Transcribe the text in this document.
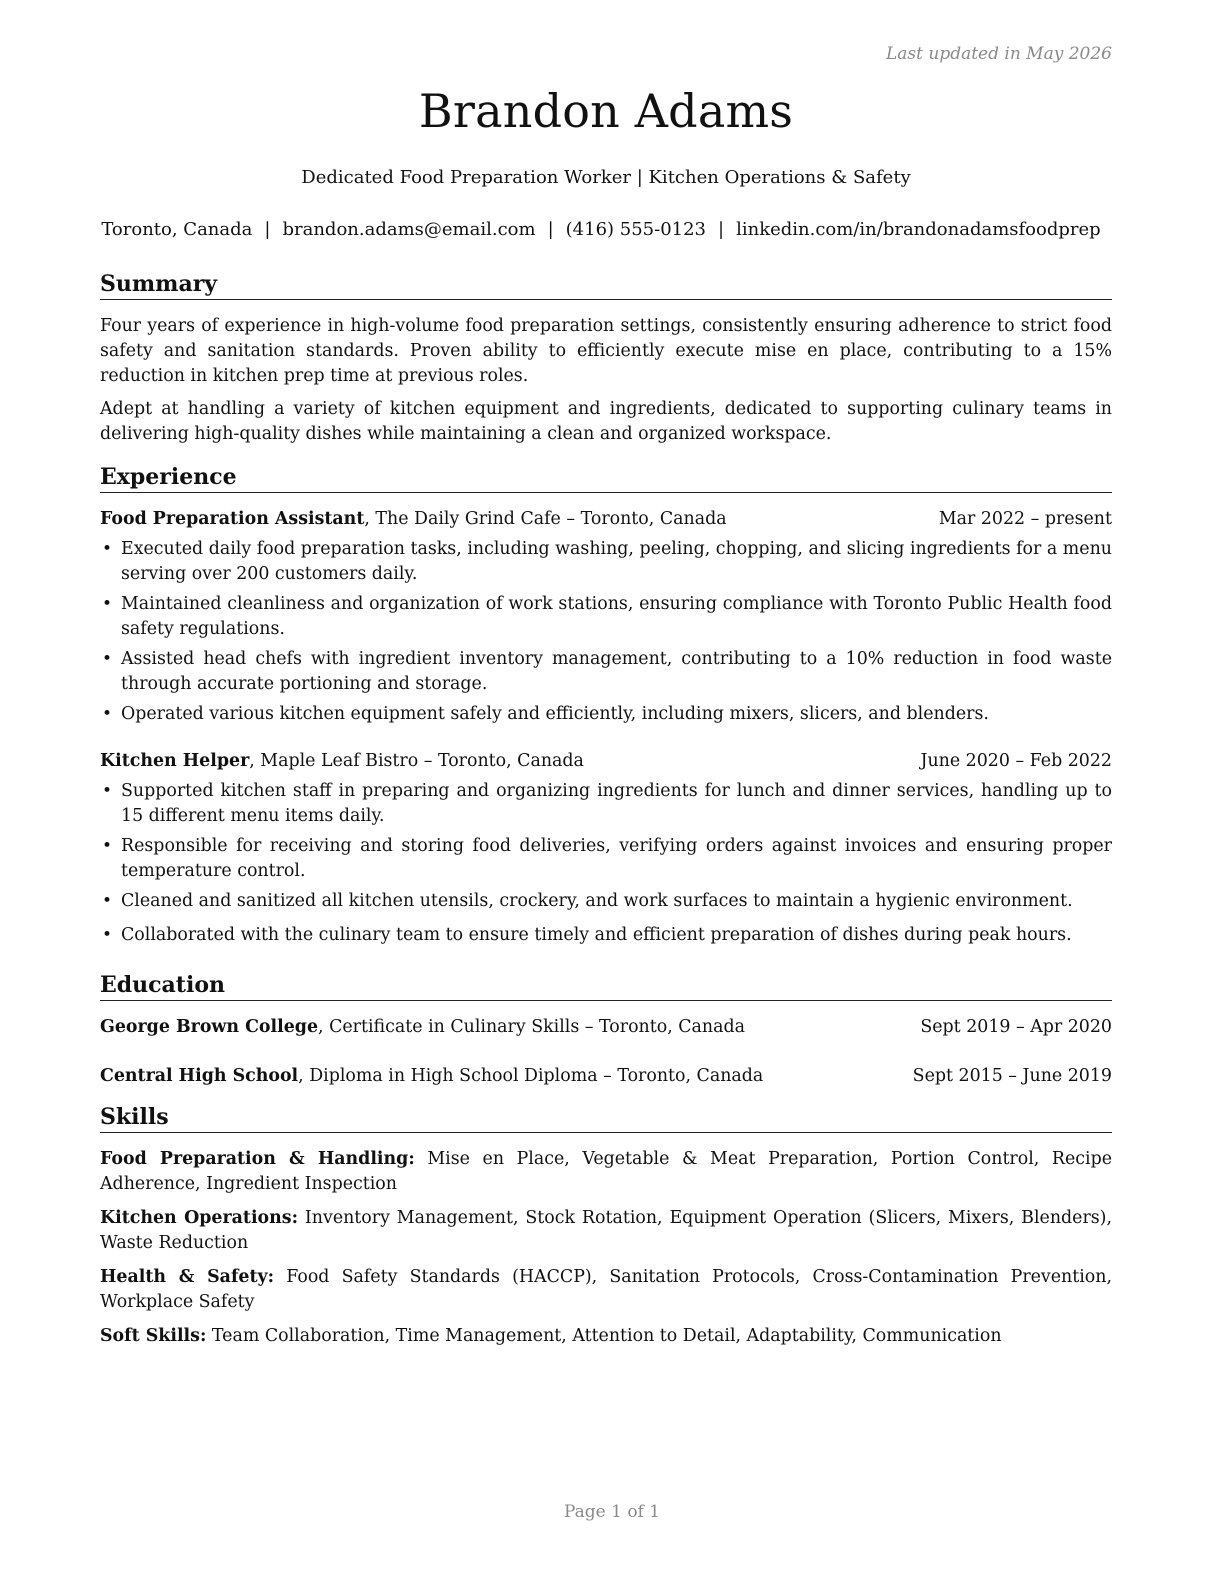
Last updated in May 2026
Brandon Adams
Dedicated Food Preparation Worker | Kitchen Operations & Safety
Toronto, Canada | brandon.adams@email.com | (416) 555-0123 | linkedin.com/in/brandonadamsfoodprep
Summary

Four years of experience in high-volume food preparation settings, consistently ensuring adherence to strict food safety and sanitation standards. Proven ability to efficiently execute mise en place, contributing to a 15% reduction in kitchen prep time at previous roles.

Adept at handling a variety of kitchen equipment and ingredients, dedicated to supporting culinary teams in delivering high-quality dishes while maintaining a clean and organized workspace.

Experience
Food Preparation Assistant, The Daily Grind Cafe – Toronto, Canada	Mar 2022 – present
• Executed daily food preparation tasks, including washing, peeling, chopping, and slicing ingredients for a menu serving over 200 customers daily.
• Maintained cleanliness and organization of work stations, ensuring compliance with Toronto Public Health food safety regulations.
• Assisted head chefs with ingredient inventory management, contributing to a 10% reduction in food waste through accurate portioning and storage.
• Operated various kitchen equipment safely and efficiently, including mixers, slicers, and blenders.
Kitchen Helper, Maple Leaf Bistro – Toronto, Canada	June 2020 – Feb 2022
• Supported kitchen staff in preparing and organizing ingredients for lunch and dinner services, handling up to 15 different menu items daily.
• Responsible for receiving and storing food deliveries, verifying orders against invoices and ensuring proper temperature control.
• Cleaned and sanitized all kitchen utensils, crockery, and work surfaces to maintain a hygienic environment.
• Collaborated with the culinary team to ensure timely and efficient preparation of dishes during peak hours.
Education
George Brown College, Certificate in Culinary Skills – Toronto, Canada	Sept 2019 – Apr 2020
Central High School, Diploma in High School Diploma – Toronto, Canada	Sept 2015 – June 2019
Skills

Food Preparation & Handling: Mise en Place, Vegetable & Meat Preparation, Portion Control, Recipe Adherence, Ingredient Inspection

Kitchen Operations: Inventory Management, Stock Rotation, Equipment Operation (Slicers, Mixers, Blenders), Waste Reduction

Health & Safety: Food Safety Standards (HACCP), Sanitation Protocols, Cross-Contamination Prevention, Workplace Safety

Soft Skills: Team Collaboration, Time Management, Attention to Detail, Adaptability, Communication

Page 1 of 1
